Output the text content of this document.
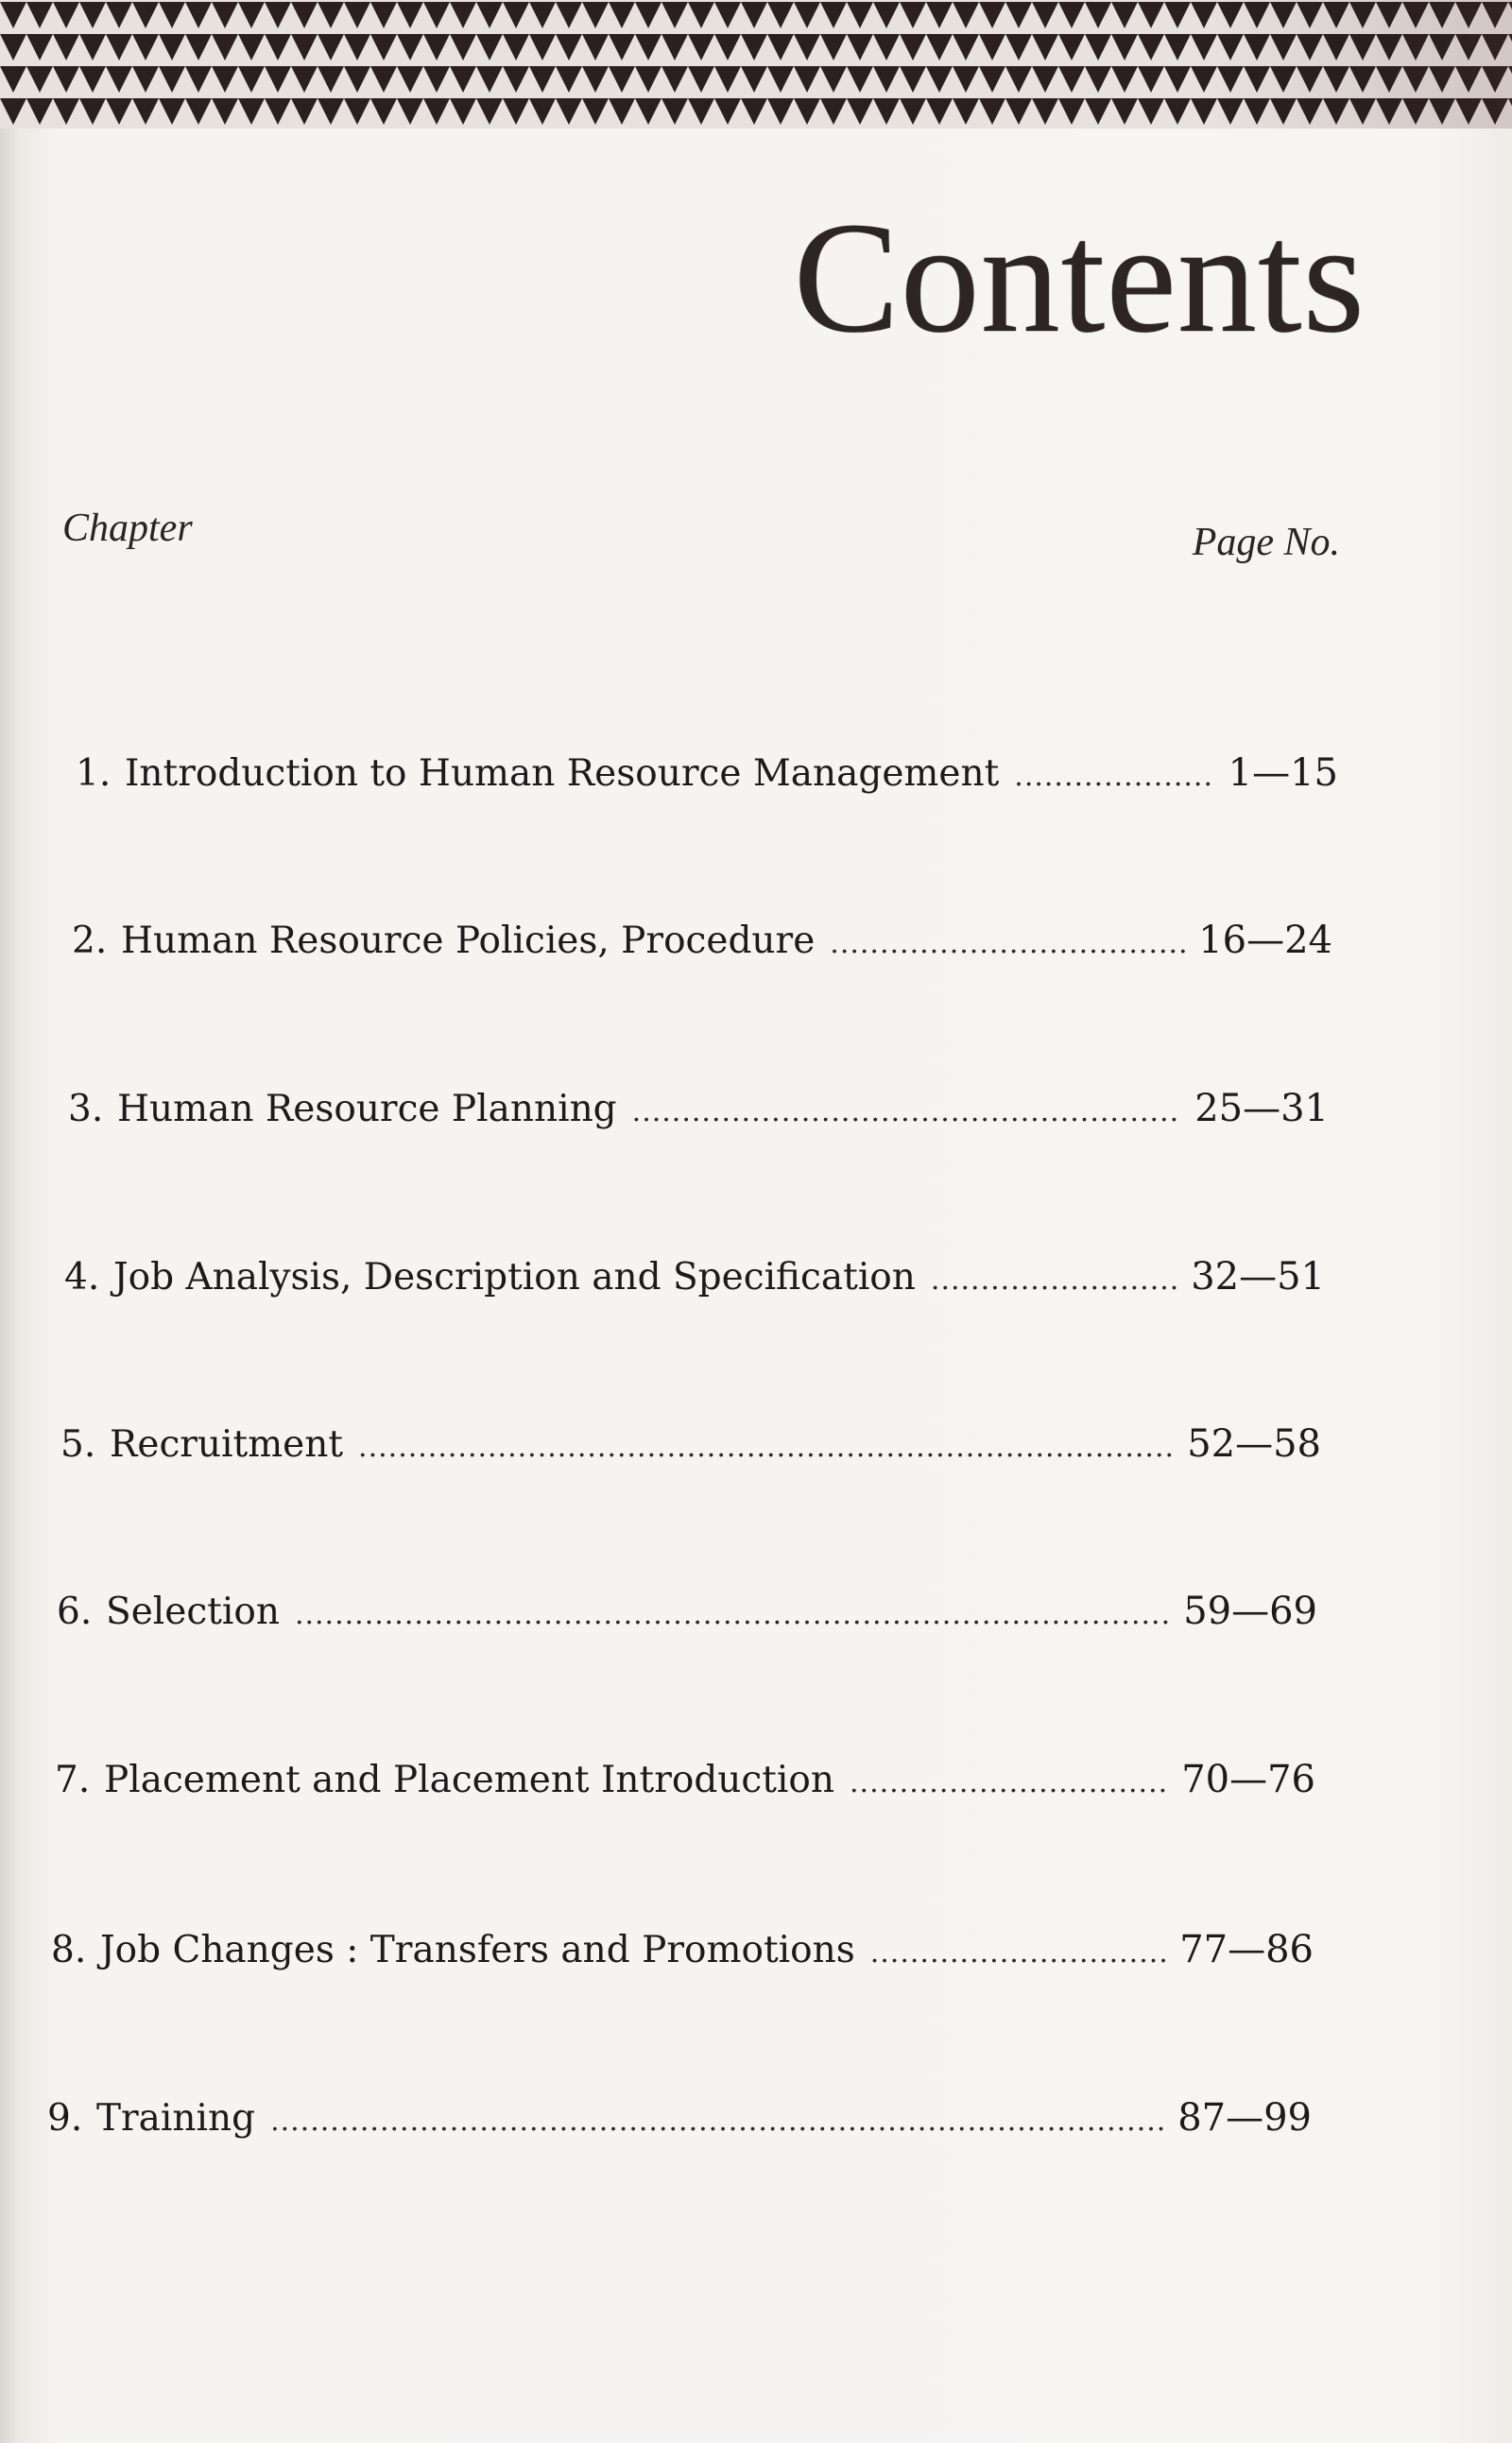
Contents
Chapter	Page No.
1. Introduction to Human Resource Management .....	1—15
2. Human Resource Policies, Procedure .....	16—24
3. Human Resource Planning .....	25—31
4. Job Analysis, Description and Specification .....	32—51
5. Recruitment .....	52—58
6. Selection .....	59—69
7. Placement and Placement Introduction .....	70—76
8. Job Changes : Transfers and Promotions .....	77—86
9. Training .....	87—99
